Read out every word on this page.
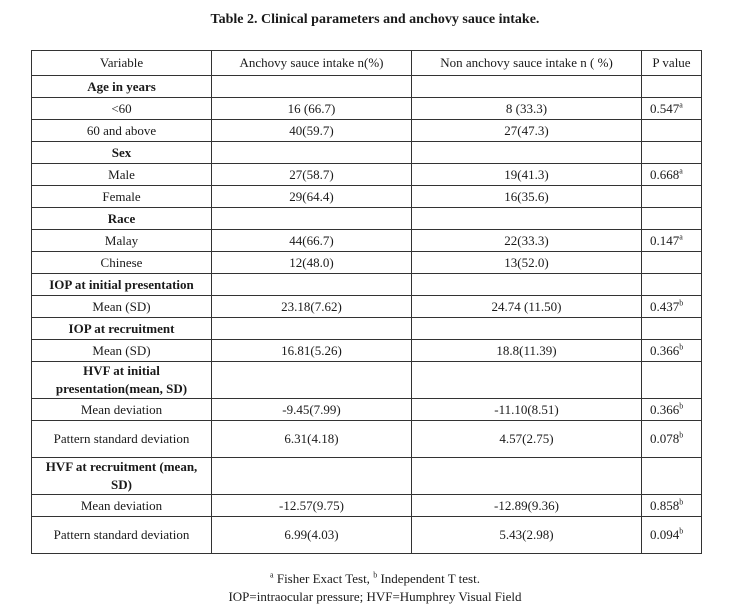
Table 2. Clinical parameters and anchovy sauce intake.
Variable	Anchovy sauce intake n(%)	Non anchovy sauce intake n ( %)	P value
Age in years			
<60	16 (66.7)	8 (33.3)	0.547$^a$
60 and above	40(59.7)	27(47.3)	
Sex			
Male	27(58.7)	19(41.3)	0.668$^a$
Female	29(64.4)	16(35.6)	
Race			
Malay	44(66.7)	22(33.3)	0.147$^a$
Chinese	12(48.0)	13(52.0)	
IOP at initial presentation			
Mean (SD)	23.18(7.62)	24.74 (11.50)	0.437$^b$
IOP at recruitment			
Mean (SD)	16.81(5.26)	18.8(11.39)	0.366$^b$
HVF at initial presentation(mean, SD)			
Mean deviation	-9.45(7.99)	-11.10(8.51)	0.366$^b$
Pattern standard deviation	6.31(4.18)	4.57(2.75)	0.078$^b$
HVF at recruitment (mean, SD)			
Mean deviation	-12.57(9.75)	-12.89(9.36)	0.858$^b$
Pattern standard deviation	6.99(4.03)	5.43(2.98)	0.094$^b$
$^a$ Fisher Exact Test, $^b$ Independent T test.
IOP=intraocular pressure; HVF=Humphrey Visual Field
